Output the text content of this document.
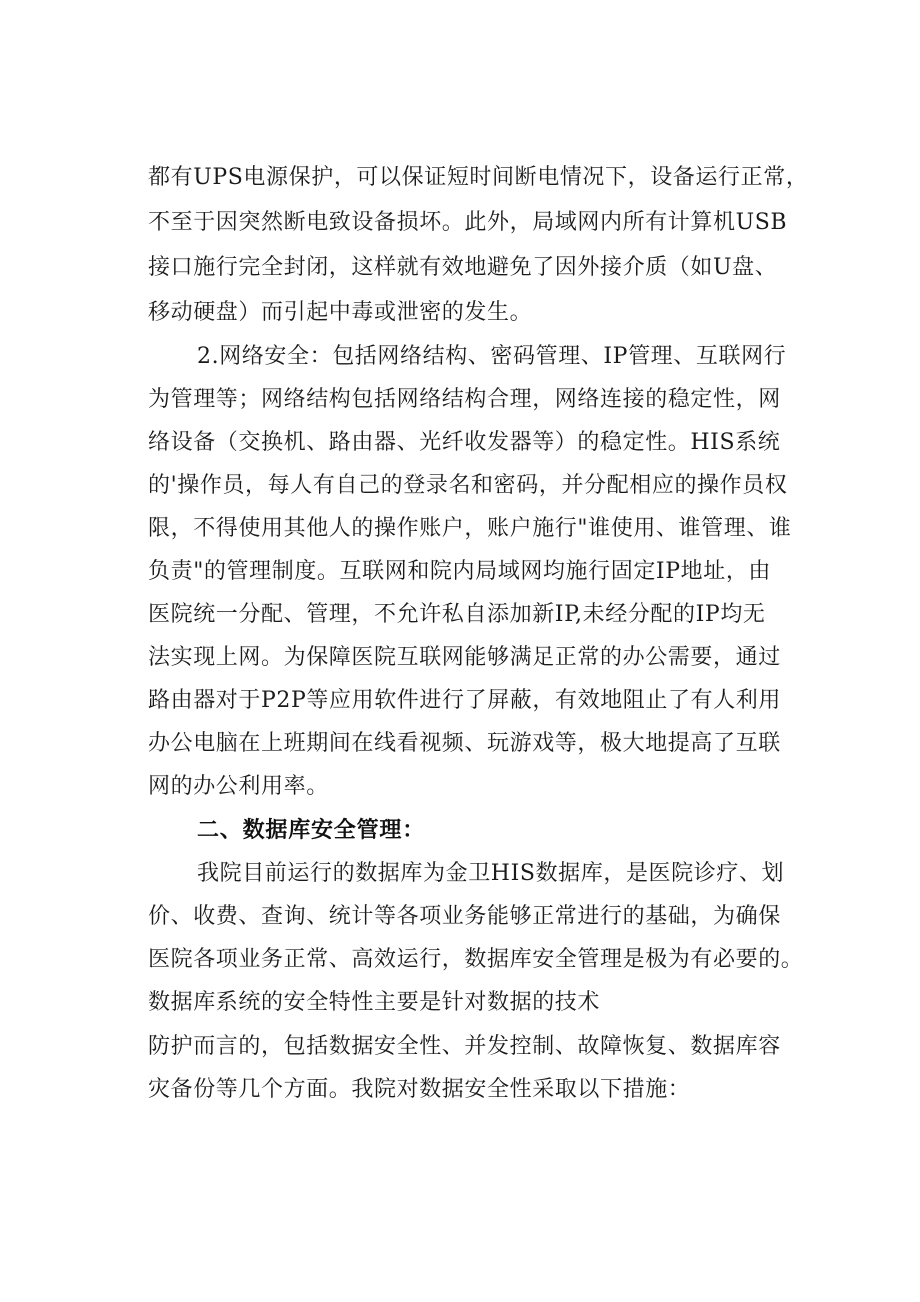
都有UPS电源保护，可以保证短时间断电情况下，设备运行正常，
不至于因突然断电致设备损坏。此外，局域网内所有计算机USB
接口施行完全封闭，这样就有效地避免了因外接介质（如U盘、
移动硬盘）而引起中毒或泄密的发生。
2.网络安全：包括网络结构、密码管理、IP管理、互联网行
为管理等；网络结构包括网络结构合理，网络连接的稳定性，网
络设备（交换机、路由器、光纤收发器等）的稳定性。HIS系统
的'操作员，每人有自己的登录名和密码，并分配相应的操作员权
限，不得使用其他人的操作账户，账户施行"谁使用、谁管理、谁
负责"的管理制度。互联网和院内局域网均施行固定IP地址，由
医院统一分配、管理，不允许私自添加新IP,未经分配的IP均无
法实现上网。为保障医院互联网能够满足正常的办公需要，通过
路由器对于P2P等应用软件进行了屏蔽，有效地阻止了有人利用
办公电脑在上班期间在线看视频、玩游戏等，极大地提高了互联
网的办公利用率。
二、数据库安全管理：
我院目前运行的数据库为金卫HIS数据库，是医院诊疗、划
价、收费、查询、统计等各项业务能够正常进行的基础，为确保
医院各项业务正常、高效运行，数据库安全管理是极为有必要的。
数据库系统的安全特性主要是针对数据的技术
防护而言的，包括数据安全性、并发控制、故障恢复、数据库容
灾备份等几个方面。我院对数据安全性采取以下措施：
